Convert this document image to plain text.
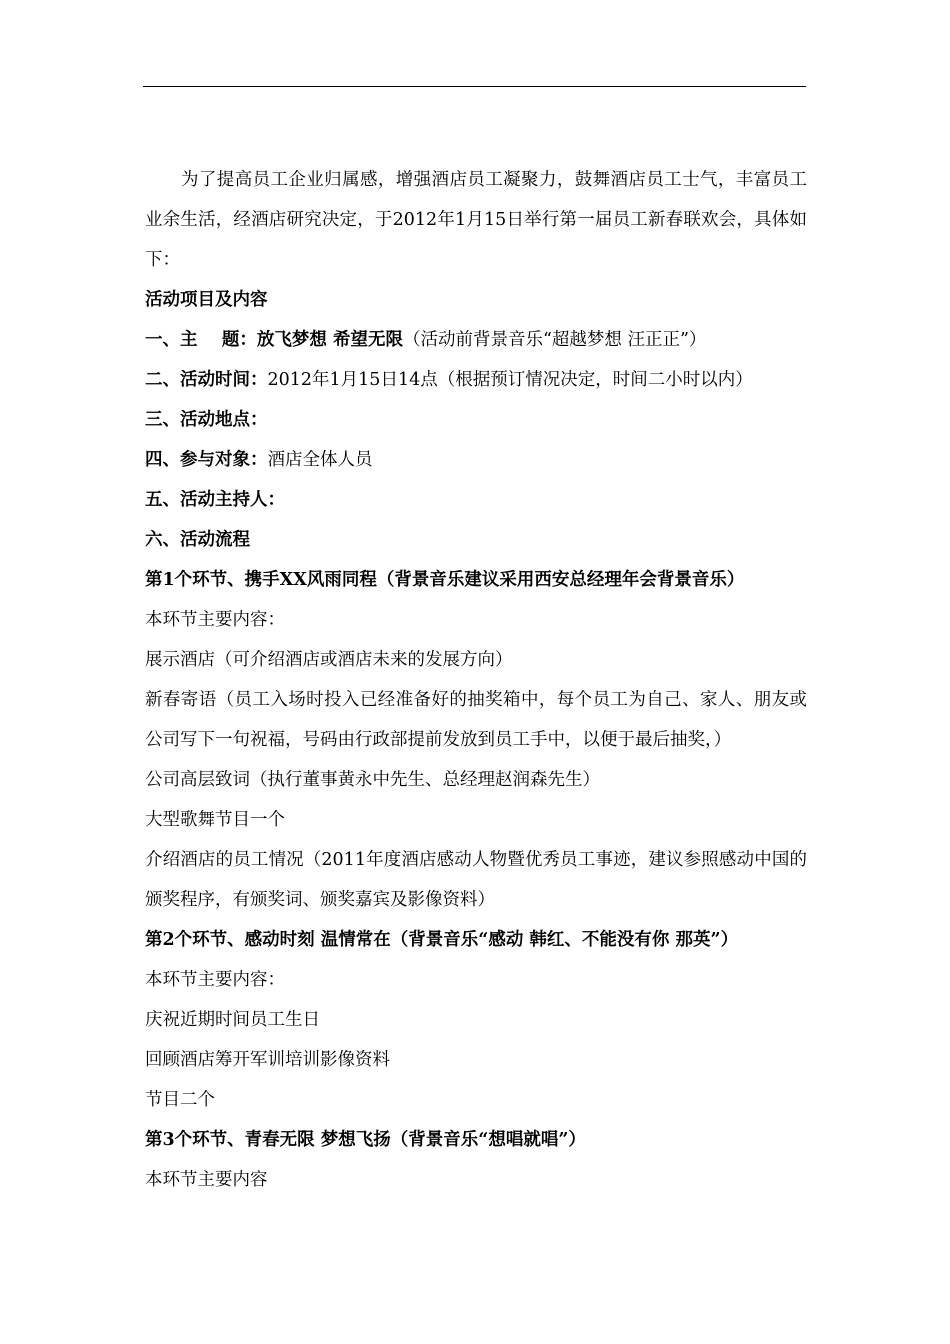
为了提高员工企业归属感，增强酒店员工凝聚力，鼓舞酒店员工士气，丰富员工业余生活，经酒店研究决定，于2012年1月15日举行第一届员工新春联欢会，具体如下：

活动项目及内容

一、主    题：放飞梦想 希望无限（活动前背景音乐“超越梦想 汪正正”）

二、活动时间：2012年1月15日14点（根据预订情况决定，时间二小时以内）

三、活动地点：

四、参与对象：酒店全体人员

五、活动主持人：

六、活动流程

第1个环节、携手XX风雨同程（背景音乐建议采用西安总经理年会背景音乐）

本环节主要内容：

展示酒店（可介绍酒店或酒店未来的发展方向）

新春寄语（员工入场时投入已经准备好的抽奖箱中，每个员工为自己、家人、朋友或公司写下一句祝福，号码由行政部提前发放到员工手中，以便于最后抽奖，）

公司高层致词（执行董事黄永中先生、总经理赵润森先生）

大型歌舞节目一个

介绍酒店的员工情况（2011年度酒店感动人物暨优秀员工事迹，建议参照感动中国的颁奖程序，有颁奖词、颁奖嘉宾及影像资料）

第2个环节、感动时刻 温情常在（背景音乐“感动 韩红、不能没有你 那英”）

本环节主要内容：

庆祝近期时间员工生日

回顾酒店筹开军训培训影像资料

节目二个

第3个环节、青春无限 梦想飞扬（背景音乐“想唱就唱”）

本环节主要内容
